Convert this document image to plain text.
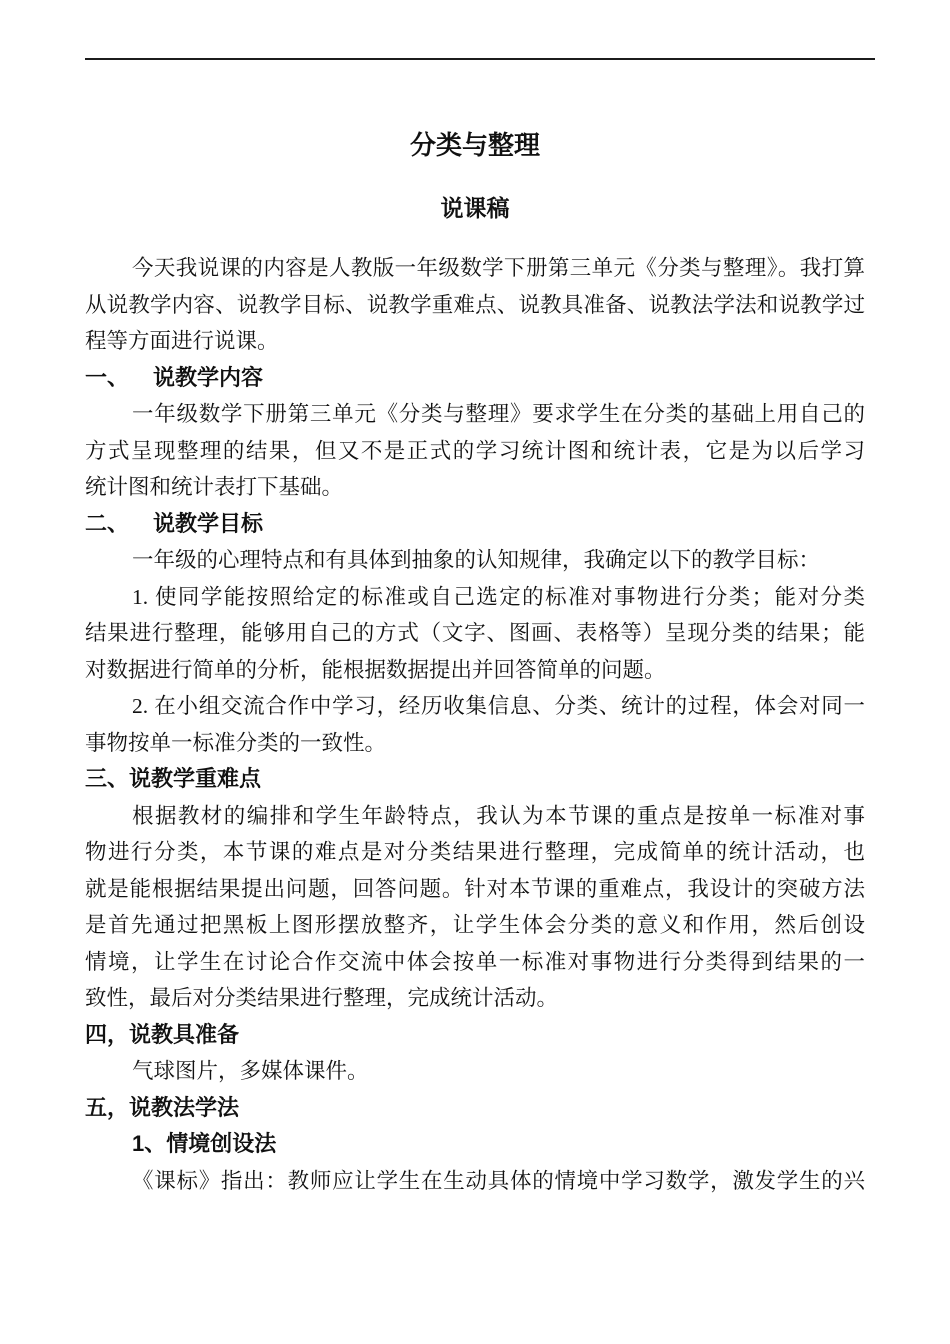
分类与整理
说课稿
今天我说课的内容是人教版一年级数学下册第三单元《分类与整理》。我打算
从说教学内容、说教学目标、说教学重难点、说教具准备、说教法学法和说教学过
程等方面进行说课。
一、 说教学内容
一年级数学下册第三单元《分类与整理》要求学生在分类的基础上用自己的
方式呈现整理的结果，但又不是正式的学习统计图和统计表，它是为以后学习
统计图和统计表打下基础。
二、 说教学目标
一年级的心理特点和有具体到抽象的认知规律，我确定以下的教学目标：
1. 使同学能按照给定的标准或自己选定的标准对事物进行分类；能对分类
结果进行整理，能够用自己的方式（文字、图画、表格等）呈现分类的结果；能
对数据进行简单的分析，能根据数据提出并回答简单的问题。
2. 在小组交流合作中学习，经历收集信息、分类、统计的过程，体会对同一
事物按单一标准分类的一致性。
三、说教学重难点
根据教材的编排和学生年龄特点，我认为本节课的重点是按单一标准对事
物进行分类，本节课的难点是对分类结果进行整理，完成简单的统计活动，也
就是能根据结果提出问题，回答问题。针对本节课的重难点，我设计的突破方法
是首先通过把黑板上图形摆放整齐，让学生体会分类的意义和作用，然后创设
情境，让学生在讨论合作交流中体会按单一标准对事物进行分类得到结果的一
致性，最后对分类结果进行整理，完成统计活动。
四，说教具准备
气球图片，多媒体课件。
五，说教法学法
1、情境创设法
《课标》指出：教师应让学生在生动具体的情境中学习数学，激发学生的兴
